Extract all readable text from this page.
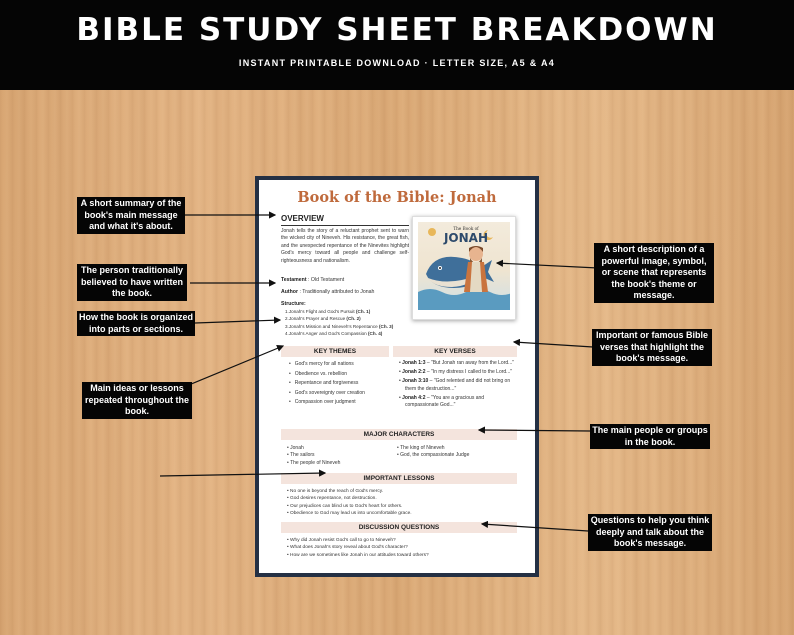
BIBLE STUDY SHEET BREAKDOWN
INSTANT PRINTABLE DOWNLOAD · LETTER SIZE, A5 & A4
Book of the Bible: Jonah
OVERVIEW
Jonah tells the story of a reluctant prophet sent to warn the wicked city of Nineveh. His resistance, the great fish, and the unexpected repentance of the Ninevites highlight God's mercy toward all people and challenge self-righteousness and nationalism.
Testament : Old Testament
Author : Traditionally attributed to Jonah
Structure:
1.Jonah's Flight and God's Pursuit (Ch. 1)
2.Jonah's Prayer and Rescue (Ch. 2)
3.Jonah's Mission and Nineveh's Repentance (Ch. 3)
4.Jonah's Anger and God's Compassion (Ch. 4)
The Book of
JONAH
KEY THEMES
• God's mercy for all nations
• Obedience vs. rebellion
• Repentance and forgiveness
• God's sovereignty over creation
• Compassion over judgment
KEY VERSES
• Jonah 1:3 – "But Jonah ran away from the Lord..."
• Jonah 2:2 – "In my distress I called to the Lord..."
• Jonah 3:10 – "God relented and did not bring on them the destruction..."
• Jonah 4:2 – "You are a gracious and compassionate God..."
MAJOR CHARACTERS
• Jonah
• The sailors
• The people of Nineveh
• The king of Nineveh
• God, the compassionate Judge
IMPORTANT LESSONS
• No one is beyond the reach of God's mercy.
• God desires repentance, not destruction.
• Our prejudices can blind us to God's heart for others.
• Obedience to God may lead us into uncomfortable grace.
DISCUSSION QUESTIONS
• Why did Jonah resist God's call to go to Nineveh?
• What does Jonah's story reveal about God's character?
• How are we sometimes like Jonah in our attitudes toward others?
A short summary of the book's main message and what it's about.
The person traditionally believed to have written the book.
How the book is organized into parts or sections.
Main ideas or lessons repeated throughout the book.
A short description of a powerful image, symbol, or scene that represents the book's theme or message.
Important or famous Bible verses that highlight the book's message.
The main people or groups in the book.
Questions to help you think deeply and talk about the book's message.
